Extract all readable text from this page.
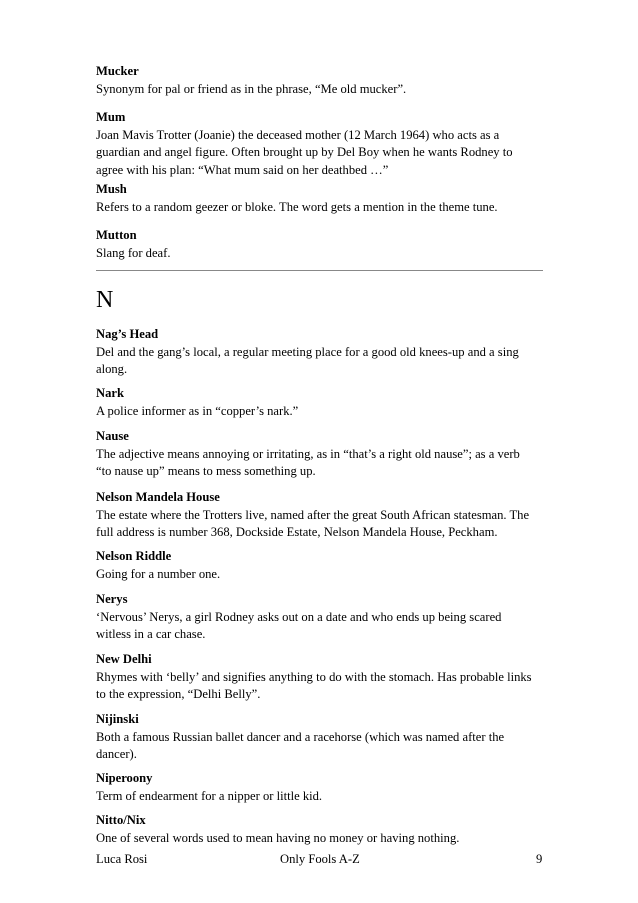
Mucker
Synonym for pal or friend as in the phrase, “Me old mucker”.
Mum
Joan Mavis Trotter (Joanie) the deceased mother (12 March 1964) who acts as a guardian and angel figure. Often brought up by Del Boy when he wants Rodney to agree with his plan: “What mum said on her deathbed …”
Mush
Refers to a random geezer or bloke. The word gets a mention in the theme tune.
Mutton
Slang for deaf.
N
Nag’s Head
Del and the gang’s local, a regular meeting place for a good old knees-up and a sing along.
Nark
A police informer as in “copper’s nark.”
Nause
The adjective means annoying or irritating, as in “that’s a right old nause”; as a verb “to nause up” means to mess something up.
Nelson Mandela House
The estate where the Trotters live, named after the great South African statesman. The full address is number 368, Dockside Estate, Nelson Mandela House, Peckham.
Nelson Riddle
Going for a number one.
Nerys
‘Nervous’ Nerys, a girl Rodney asks out on a date and who ends up being scared witless in a car chase.
New Delhi
Rhymes with ‘belly’ and signifies anything to do with the stomach. Has probable links to the expression, “Delhi Belly”.
Nijinski
Both a famous Russian ballet dancer and a racehorse (which was named after the dancer).
Niperoony
Term of endearment for a nipper or little kid.
Nitto/Nix
One of several words used to mean having no money or having nothing.
Luca Rosi	Only Fools A-Z	9
